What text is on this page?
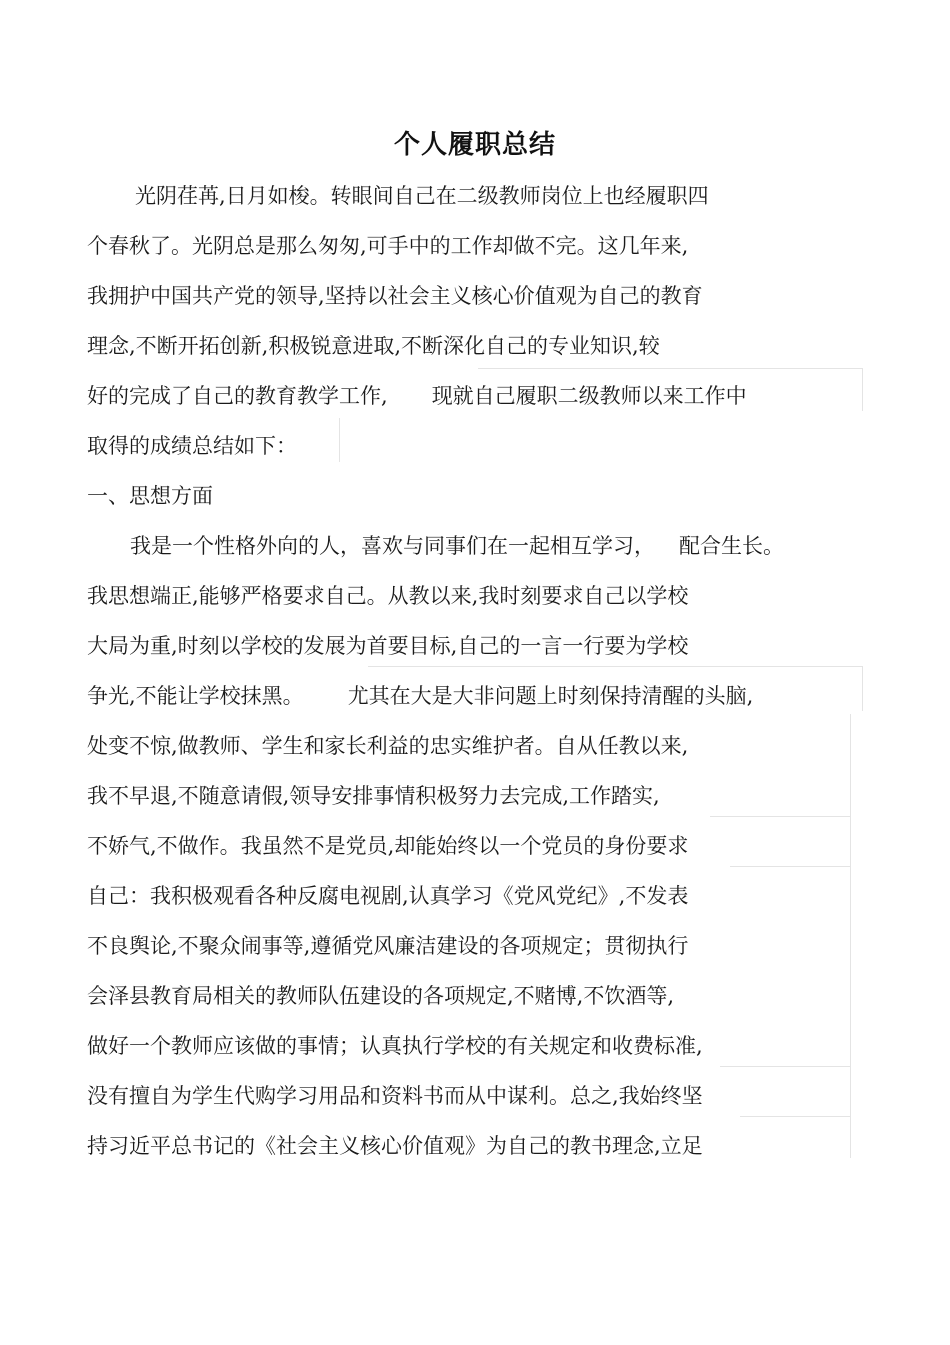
个人履职总结
光阴荏苒,日月如梭。转眼间自己在二级教师岗位上也经履职四
个春秋了。光阴总是那么匆匆,可手中的工作却做不完。这几年来,
我拥护中国共产党的领导,坚持以社会主义核心价值观为自己的教育
理念,不断开拓创新,积极锐意进取,不断深化自己的专业知识,较
好的完成了自己的教育教学工作, 现就自己履职二级教师以来工作中
取得的成绩总结如下：
一、思想方面
我是一个性格外向的人，喜欢与同事们在一起相互学习， 配合生长。
我思想端正,能够严格要求自己。从教以来,我时刻要求自己以学校
大局为重,时刻以学校的发展为首要目标,自己的一言一行要为学校
争光,不能让学校抹黑。 尤其在大是大非问题上时刻保持清醒的头脑,
处变不惊,做教师、学生和家长利益的忠实维护者。自从任教以来,
我不早退,不随意请假,领导安排事情积极努力去完成,工作踏实,
不娇气,不做作。我虽然不是党员,却能始终以一个党员的身份要求
自己：我积极观看各种反腐电视剧,认真学习《党风党纪》,不发表
不良舆论,不聚众闹事等,遵循党风廉洁建设的各项规定；贯彻执行
会泽县教育局相关的教师队伍建设的各项规定,不赌博,不饮酒等,
做好一个教师应该做的事情；认真执行学校的有关规定和收费标准,
没有擅自为学生代购学习用品和资料书而从中谋利。总之,我始终坚
持习近平总书记的《社会主义核心价值观》为自己的教书理念,立足
